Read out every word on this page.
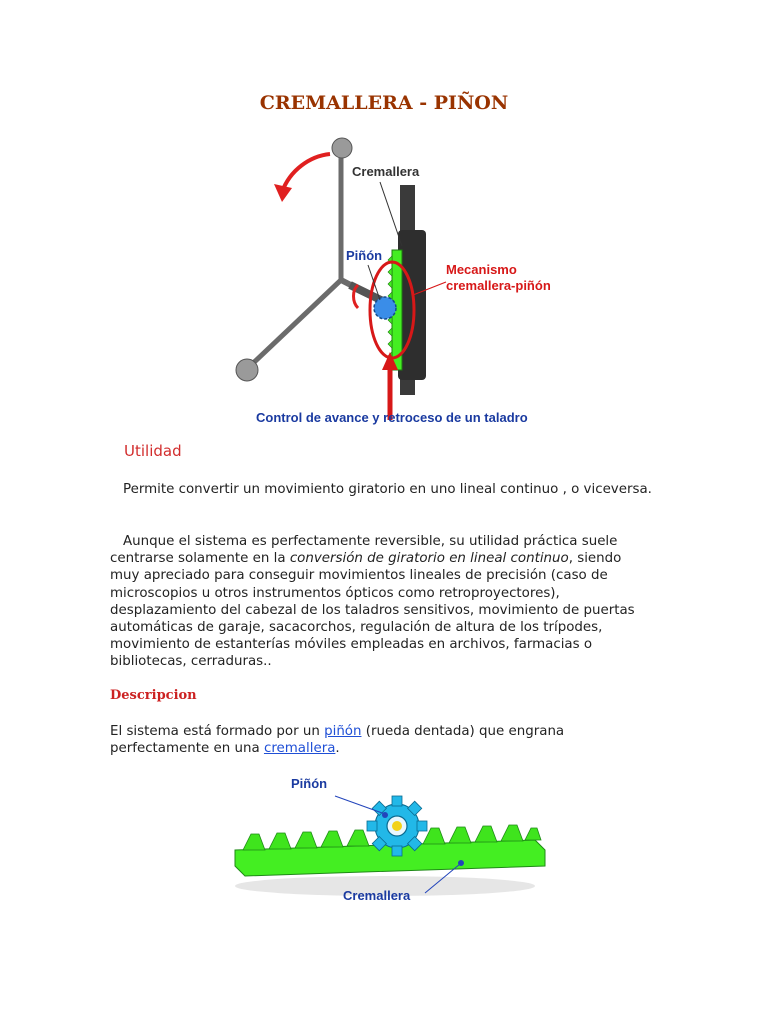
CREMALLERA - PIÑON
Cremallera
Piñón
Mecanismo
cremallera-piñón
Control de avance y retroceso de un taladro
Utilidad

Permite convertir un movimiento giratorio en uno lineal continuo , o viceversa.

Aunque el sistema es perfectamente reversible, su utilidad práctica suele centrarse solamente en la conversión de giratorio en lineal continuo, siendo muy apreciado para conseguir movimientos lineales de precisión (caso de microscopios u otros instrumentos ópticos como retroproyectores), desplazamiento del cabezal de los taladros sensitivos, movimiento de puertas automáticas de garaje, sacacorchos, regulación de altura de los trípodes, movimiento de estanterías móviles empleadas en archivos, farmacias o bibliotecas, cerraduras..

Descripcion

El sistema está formado por un piñón (rueda dentada) que engrana perfectamente en una cremallera.

Piñón
Cremallera
